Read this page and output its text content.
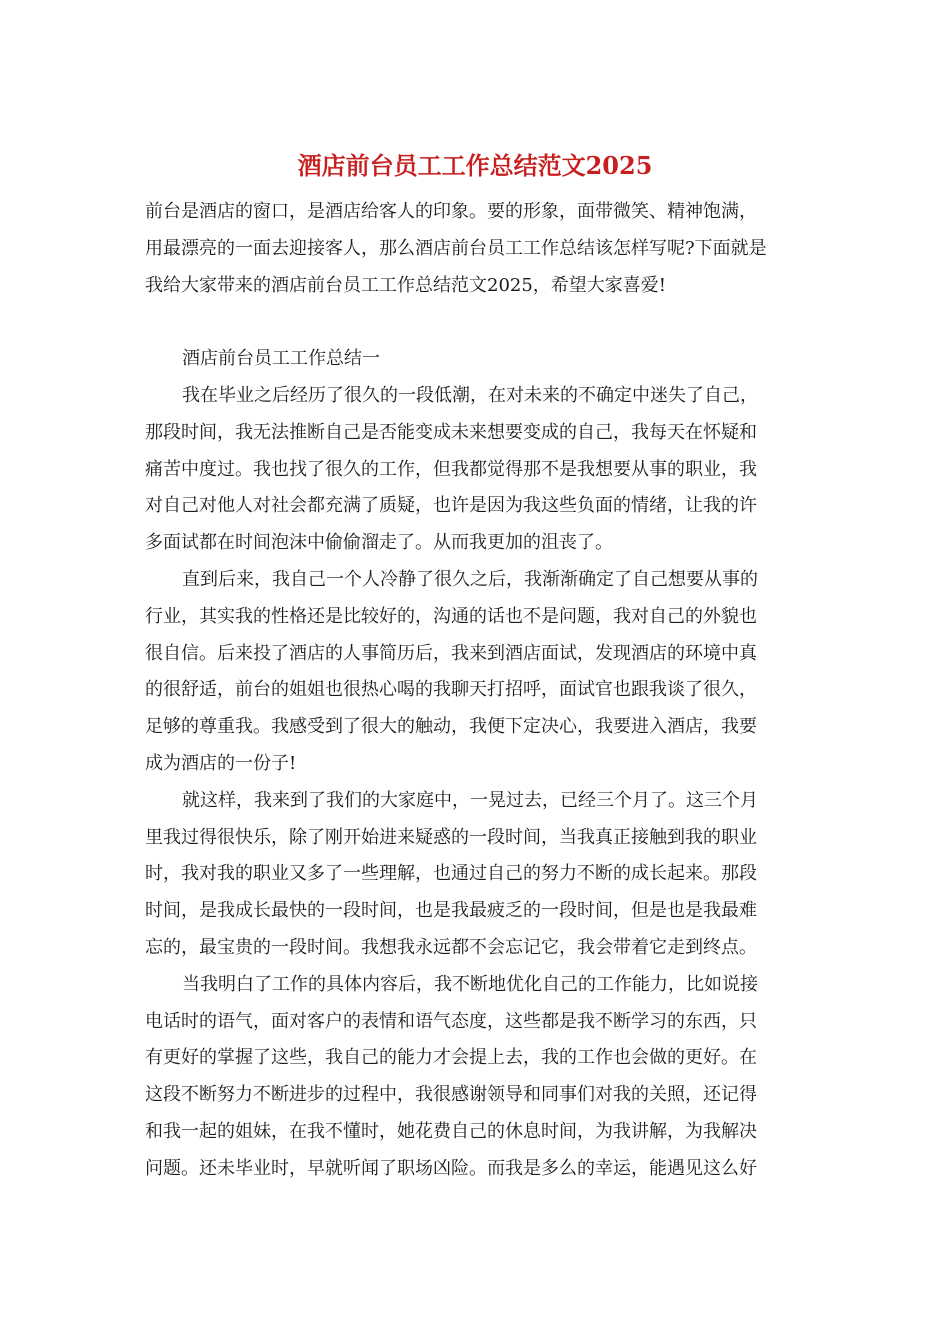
酒店前台员工工作总结范文2025
前台是酒店的窗口，是酒店给客人的印象。要的形象，面带微笑、精神饱满，
用最漂亮的一面去迎接客人，那么酒店前台员工工作总结该怎样写呢?下面就是
我给大家带来的酒店前台员工工作总结范文2025，希望大家喜爱!
酒店前台员工工作总结一
我在毕业之后经历了很久的一段低潮，在对未来的不确定中迷失了自己，
那段时间，我无法推断自己是否能变成未来想要变成的自己，我每天在怀疑和
痛苦中度过。我也找了很久的工作，但我都觉得那不是我想要从事的职业，我
对自己对他人对社会都充满了质疑，也许是因为我这些负面的情绪，让我的许
多面试都在时间泡沫中偷偷溜走了。从而我更加的沮丧了。
直到后来，我自己一个人冷静了很久之后，我渐渐确定了自己想要从事的
行业，其实我的性格还是比较好的，沟通的话也不是问题，我对自己的外貌也
很自信。后来投了酒店的人事简历后，我来到酒店面试，发现酒店的环境中真
的很舒适，前台的姐姐也很热心喝的我聊天打招呼，面试官也跟我谈了很久，
足够的尊重我。我感受到了很大的触动，我便下定决心，我要进入酒店，我要
成为酒店的一份子!
就这样，我来到了我们的大家庭中，一晃过去，已经三个月了。这三个月
里我过得很快乐，除了刚开始进来疑惑的一段时间，当我真正接触到我的职业
时，我对我的职业又多了一些理解，也通过自己的努力不断的成长起来。那段
时间，是我成长最快的一段时间，也是我最疲乏的一段时间，但是也是我最难
忘的，最宝贵的一段时间。我想我永远都不会忘记它，我会带着它走到终点。
当我明白了工作的具体内容后，我不断地优化自己的工作能力，比如说接
电话时的语气，面对客户的表情和语气态度，这些都是我不断学习的东西，只
有更好的掌握了这些，我自己的能力才会提上去，我的工作也会做的更好。在
这段不断努力不断进步的过程中，我很感谢领导和同事们对我的关照，还记得
和我一起的姐妹，在我不懂时，她花费自己的休息时间，为我讲解，为我解决
问题。还未毕业时，早就听闻了职场凶险。而我是多么的幸运，能遇见这么好
